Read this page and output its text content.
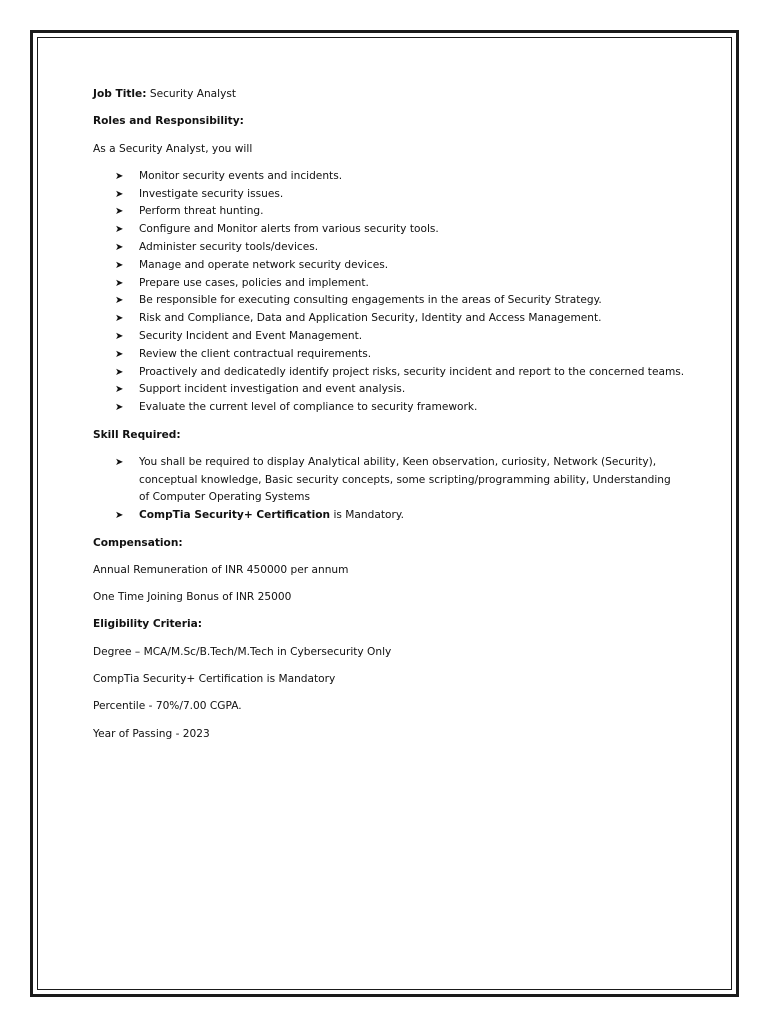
Job Title: Security Analyst

Roles and Responsibility:

As a Security Analyst, you will

➤ Monitor security events and incidents.
➤ Investigate security issues.
➤ Perform threat hunting.
➤ Configure and Monitor alerts from various security tools.
➤ Administer security tools/devices.
➤ Manage and operate network security devices.
➤ Prepare use cases, policies and implement.
➤ Be responsible for executing consulting engagements in the areas of Security Strategy.
➤ Risk and Compliance, Data and Application Security, Identity and Access Management.
➤ Security Incident and Event Management.
➤ Review the client contractual requirements.
➤ Proactively and dedicatedly identify project risks, security incident and report to the concerned teams.
➤ Support incident investigation and event analysis.
➤ Evaluate the current level of compliance to security framework.

Skill Required:

➤ You shall be required to display Analytical ability, Keen observation, curiosity, Network (Security), conceptual knowledge, Basic security concepts, some scripting/programming ability, Understanding of Computer Operating Systems
➤ CompTia Security+ Certification is Mandatory.

Compensation:

Annual Remuneration of INR 450000 per annum

One Time Joining Bonus of INR 25000

Eligibility Criteria:

Degree – MCA/M.Sc/B.Tech/M.Tech in Cybersecurity Only

CompTia Security+ Certification is Mandatory

Percentile - 70%/7.00 CGPA.

Year of Passing - 2023
